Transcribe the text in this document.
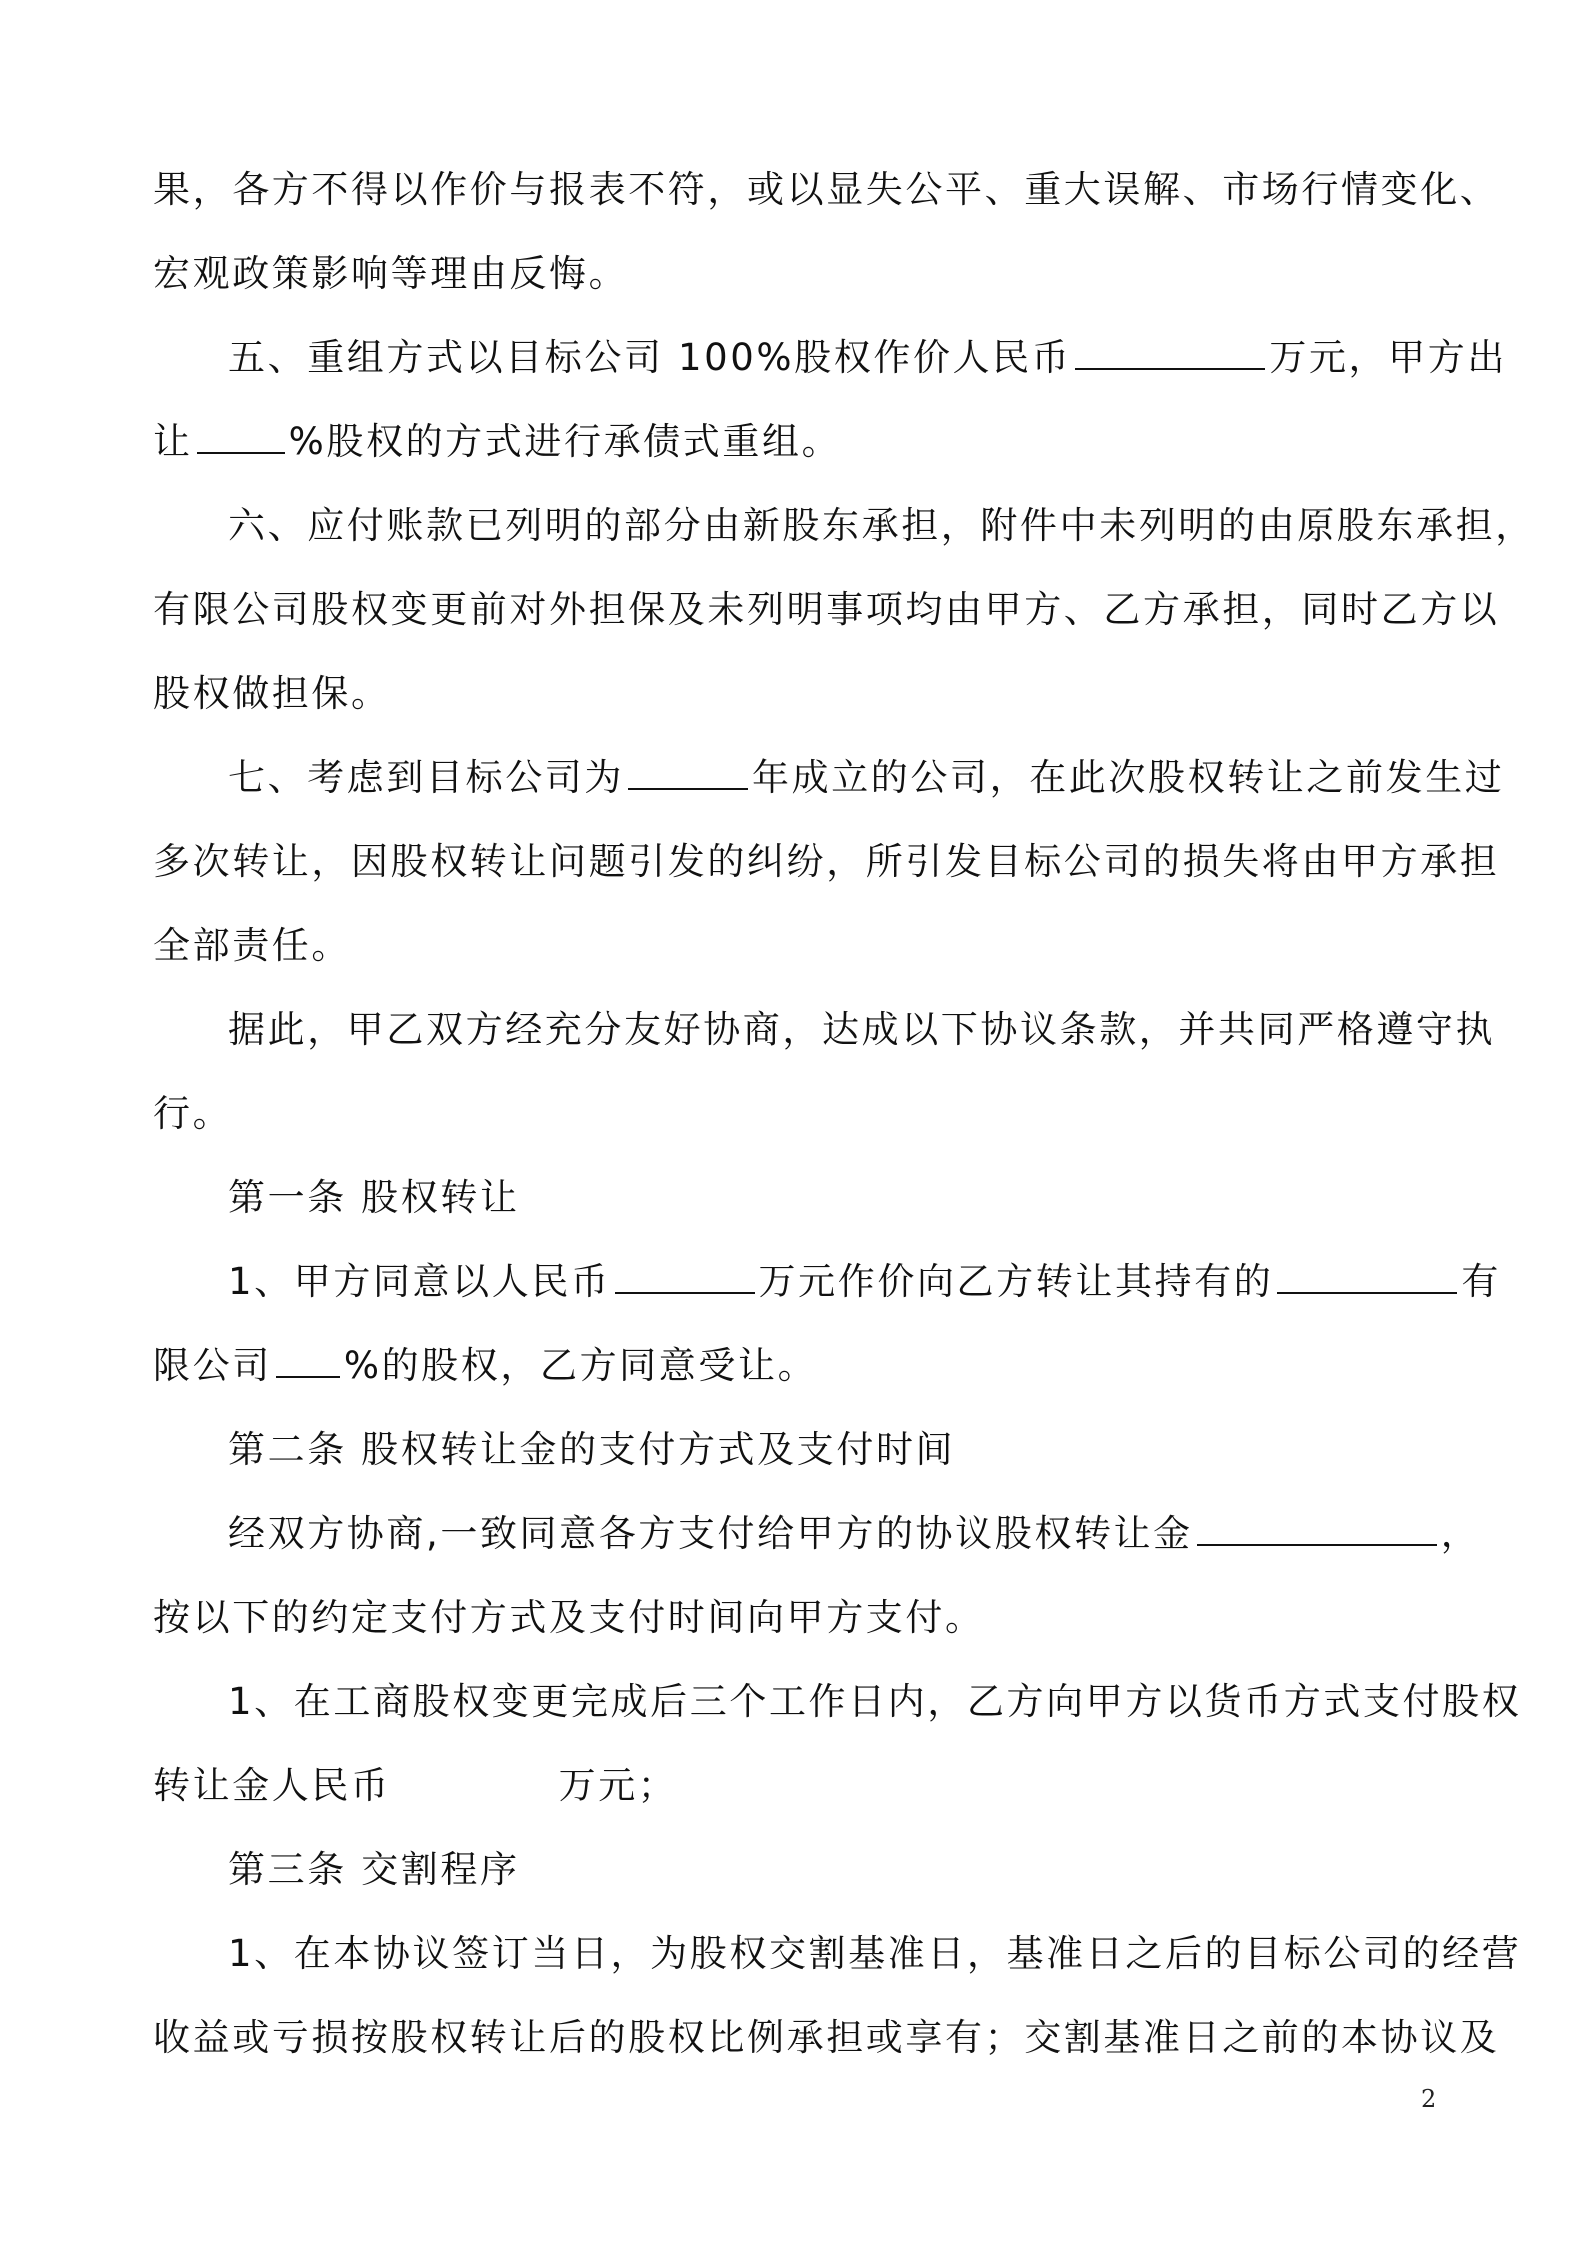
果，各方不得以作价与报表不符，或以显失公平、重大误解、市场行情变化、
宏观政策影响等理由反悔。
五、重组方式以目标公司 100%股权作价人民币	万元，甲方出
让	%股权的方式进行承债式重组。
六、应付账款已列明的部分由新股东承担，附件中未列明的由原股东承担，
有限公司股权变更前对外担保及未列明事项均由甲方、乙方承担，同时乙方以
股权做担保。
七、考虑到目标公司为	年成立的公司，在此次股权转让之前发生过
多次转让，因股权转让问题引发的纠纷，所引发目标公司的损失将由甲方承担
全部责任。
据此，甲乙双方经充分友好协商，达成以下协议条款，并共同严格遵守执
行。
第一条 股权转让
1、甲方同意以人民币	万元作价向乙方转让其持有的	有
限公司 %的股权，乙方同意受让。
第二条 股权转让金的支付方式及支付时间
经双方协商,一致同意各方支付给甲方的协议股权转让金	，
按以下的约定支付方式及支付时间向甲方支付。
1、在工商股权变更完成后三个工作日内，乙方向甲方以货币方式支付股权
转让金人民币	万元；
第三条 交割程序
1、在本协议签订当日，为股权交割基准日，基准日之后的目标公司的经营
收益或亏损按股权转让后的股权比例承担或享有；交割基准日之前的本协议及
2
